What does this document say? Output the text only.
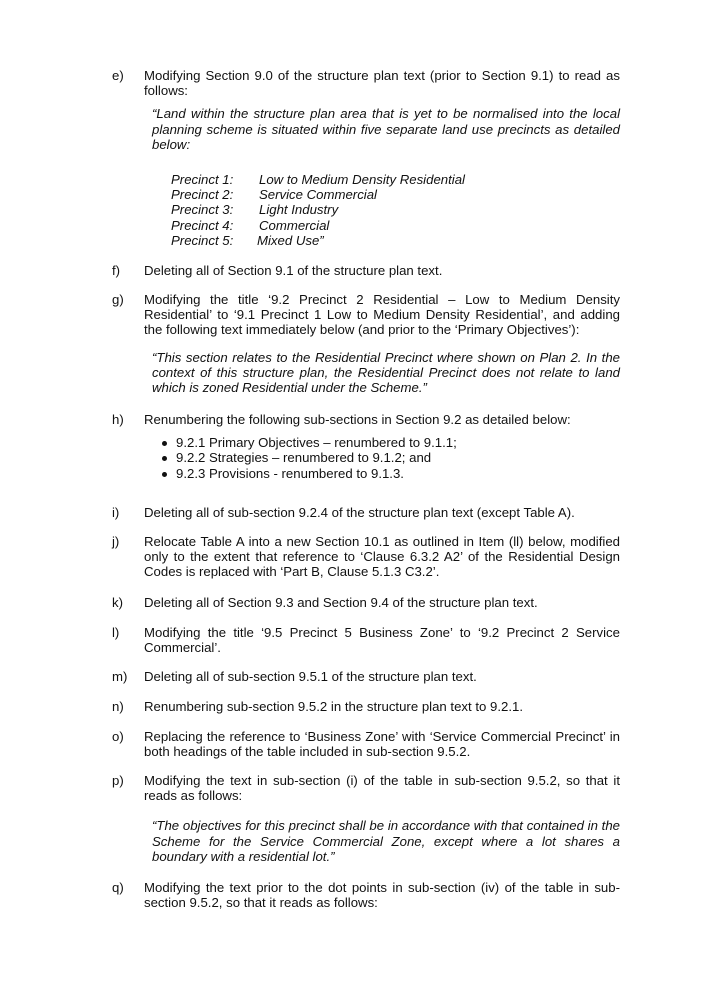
e)	Modifying Section 9.0 of the structure plan text (prior to Section 9.1) to read as follows:
“Land within the structure plan area that is yet to be normalised into the local planning scheme is situated within five separate land use precincts as detailed below:
Precinct 1: Low to Medium Density Residential
Precinct 2: Service Commercial
Precinct 3: Light Industry
Precinct 4: Commercial
Precinct 5: Mixed Use”
f)	Deleting all of Section 9.1 of the structure plan text.
g)	Modifying the title ‘9.2 Precinct 2 Residential – Low to Medium Density Residential’ to ‘9.1 Precinct 1 Low to Medium Density Residential’, and adding the following text immediately below (and prior to the ‘Primary Objectives’):
“This section relates to the Residential Precinct where shown on Plan 2. In the context of this structure plan, the Residential Precinct does not relate to land which is zoned Residential under the Scheme.”
h)	Renumbering the following sub-sections in Section 9.2 as detailed below:
9.2.1 Primary Objectives – renumbered to 9.1.1;
9.2.2 Strategies – renumbered to 9.1.2; and
9.2.3 Provisions - renumbered to 9.1.3.
i)	Deleting all of sub-section 9.2.4 of the structure plan text (except Table A).
j)	Relocate Table A into a new Section 10.1 as outlined in Item (ll) below, modified only to the extent that reference to ‘Clause 6.3.2 A2’ of the Residential Design Codes is replaced with ‘Part B, Clause 5.1.3 C3.2’.
k)	Deleting all of Section 9.3 and Section 9.4 of the structure plan text.
l)	Modifying the title ‘9.5 Precinct 5 Business Zone’ to ‘9.2 Precinct 2 Service Commercial’.
m)	Deleting all of sub-section 9.5.1 of the structure plan text.
n)	Renumbering sub-section 9.5.2 in the structure plan text to 9.2.1.
o)	Replacing the reference to ‘Business Zone’ with ‘Service Commercial Precinct’ in both headings of the table included in sub-section 9.5.2.
p)	Modifying the text in sub-section (i) of the table in sub-section 9.5.2, so that it reads as follows:
“The objectives for this precinct shall be in accordance with that contained in the Scheme for the Service Commercial Zone, except where a lot shares a boundary with a residential lot.”
q)	Modifying the text prior to the dot points in sub-section (iv) of the table in sub-section 9.5.2, so that it reads as follows:
